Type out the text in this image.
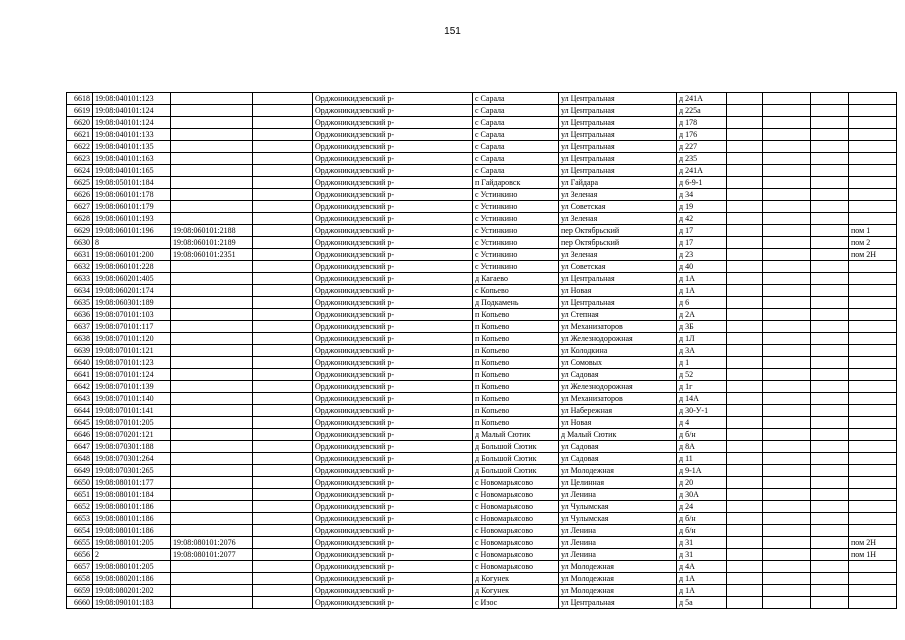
151
6618	19:08:040101:123			Орджоникидзевский р-	с Сарала	ул Центральная	д 241А				
6619	19:08:040101:124			Орджоникидзевский р-	с Сарала	ул Центральная	д 225а				
6620	19:08:040101:124			Орджоникидзевский р-	с Сарала	ул Центральная	д 178				
6621	19:08:040101:133			Орджоникидзевский р-	с Сарала	ул Центральная	д 176				
6622	19:08:040101:135			Орджоникидзевский р-	с Сарала	ул Центральная	д 227				
6623	19:08:040101:163			Орджоникидзевский р-	с Сарала	ул Центральная	д 235				
6624	19:08:040101:165			Орджоникидзевский р-	с Сарала	ул Центральная	д 241А				
6625	19:08:050101:184			Орджоникидзевский р-	п Гайдаровск	ул Гайдара	д 6-9-1				
6626	19:08:060101:178			Орджоникидзевский р-	с Устинкино	ул Зеленая	д 34				
6627	19:08:060101:179			Орджоникидзевский р-	с Устинкино	ул Советская	д 19				
6628	19:08:060101:193			Орджоникидзевский р-	с Устинкино	ул Зеленая	д 42				
6629	19:08:060101:196	19:08:060101:2188		Орджоникидзевский р-	с Устинкино	пер Октябрьский	д 17				пом 1
6630	8	19:08:060101:2189		Орджоникидзевский р-	с Устинкино	пер Октябрьский	д 17				пом 2
6631	19:08:060101:200	19:08:060101:2351		Орджоникидзевский р-	с Устинкино	ул Зеленая	д 23				пом 2Н
6632	19:08:060101:228			Орджоникидзевский р-	с Устинкино	ул Советская	д 40				
6633	19:08:060201:405			Орджоникидзевский р-	д Кагаево	ул Центральная	д 1А				
6634	19:08:060201:174			Орджоникидзевский р-	с Копьево	ул Новая	д 1А				
6635	19:08:060301:189			Орджоникидзевский р-	д Подкамень	ул Центральная	д 6				
6636	19:08:070101:103			Орджоникидзевский р-	п Копьево	ул Степная	д 2А				
6637	19:08:070101:117			Орджоникидзевский р-	п Копьево	ул Механизаторов	д 3Б				
6638	19:08:070101:120			Орджоникидзевский р-	п Копьево	ул Железнодорожная	д 1Л				
6639	19:08:070101:121			Орджоникидзевский р-	п Копьево	ул Колодкина	д 3А				
6640	19:08:070101:123			Орджоникидзевский р-	п Копьево	ул Сомовых	д 1				
6641	19:08:070101:124			Орджоникидзевский р-	п Копьево	ул Садовая	д 52				
6642	19:08:070101:139			Орджоникидзевский р-	п Копьево	ул Железнодорожная	д 1г				
6643	19:08:070101:140			Орджоникидзевский р-	п Копьево	ул Механизаторов	д 14А				
6644	19:08:070101:141			Орджоникидзевский р-	п Копьево	ул Набережная	д 30-У-1				
6645	19:08:070101:205			Орджоникидзевский р-	п Копьево	ул Новая	д 4				
6646	19:08:070201:121			Орджоникидзевский р-	д Малый Сютик	д Малый Сютик	д б/н				
6647	19:08:070301:188			Орджоникидзевский р-	д Большой Сютик	ул Садовая	д 8А				
6648	19:08:070301:264			Орджоникидзевский р-	д Большой Сютик	ул Садовая	д 11				
6649	19:08:070301:265			Орджоникидзевский р-	д Большой Сютик	ул Молодежная	д 9-1А				
6650	19:08:080101:177			Орджоникидзевский р-	с Новомарьясово	ул Целинная	д 20				
6651	19:08:080101:184			Орджоникидзевский р-	с Новомарьясово	ул Ленина	д 30А				
6652	19:08:080101:186			Орджоникидзевский р-	с Новомарьясово	ул Чулымская	д 24				
6653	19:08:080101:186			Орджоникидзевский р-	с Новомарьясово	ул Чулымская	д б/н				
6654	19:08:080101:186			Орджоникидзевский р-	с Новомарьясово	ул Ленина	д б/н				
6655	19:08:080101:205	19:08:080101:2076		Орджоникидзевский р-	с Новомарьясово	ул Ленина	д 31				пом 2Н
6656	2	19:08:080101:2077		Орджоникидзевский р-	с Новомарьясово	ул Ленина	д 31				пом 1Н
6657	19:08:080101:205			Орджоникидзевский р-	с Новомарьясово	ул Молодежная	д 4А				
6658	19:08:080201:186			Орджоникидзевский р-	д Когунек	ул Молодежная	д 1А				
6659	19:08:080201:202			Орджоникидзевский р-	д Когунек	ул Молодежная	д 1А				
6660	19:08:090101:183			Орджоникидзевский р-	с Изос	ул Центральная	д 5а				
